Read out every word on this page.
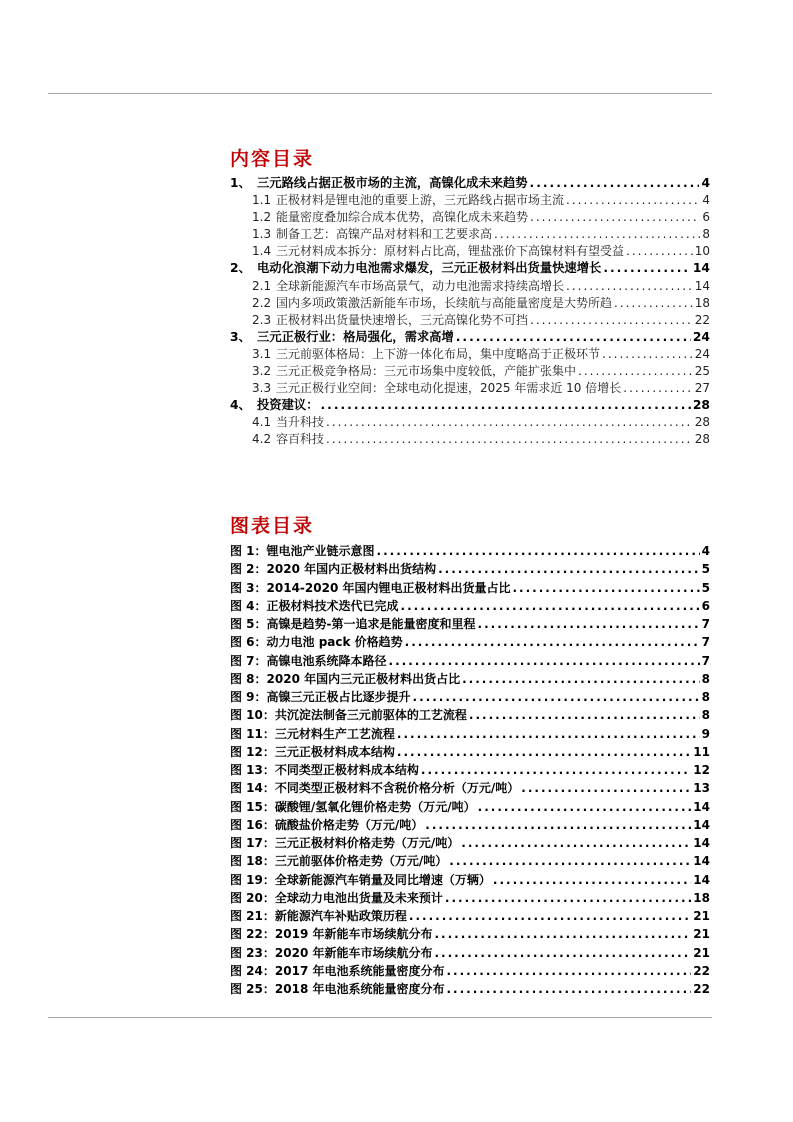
内容目录
1、 三元路线占据正极市场的主流，高镍化成未来趋势 .....	4
1.1 正极材料是锂电池的重要上游，三元路线占据市场主流 .....	4
1.2 能量密度叠加综合成本优势，高镍化成未来趋势 .....	6
1.3 制备工艺：高镍产品对材料和工艺要求高 .....	8
1.4 三元材料成本拆分：原材料占比高，锂盐涨价下高镍材料有望受益 .....	10
2、 电动化浪潮下动力电池需求爆发，三元正极材料出货量快速增长 .....	14
2.1 全球新能源汽车市场高景气，动力电池需求持续高增长 .....	14
2.2 国内多项政策激活新能车市场，长续航与高能量密度是大势所趋 .....	18
2.3 正极材料出货量快速增长，三元高镍化势不可挡 .....	22
3、 三元正极行业：格局强化，需求高增 .....	24
3.1 三元前驱体格局：上下游一体化布局，集中度略高于正极环节 .....	24
3.2 三元正极竞争格局：三元市场集中度较低，产能扩张集中 .....	25
3.3 三元正极行业空间：全球电动化提速，2025 年需求近 10 倍增长 .....	27
4、 投资建议： .....	28
4.1 当升科技 .....	28
4.2 容百科技 .....	28
图表目录
图 1：锂电池产业链示意图 .....	4
图 2：2020 年国内正极材料出货结构 .....	5
图 3：2014-2020 年国内锂电正极材料出货量占比 .....	5
图 4：正极材料技术迭代已完成 .....	6
图 5：高镍是趋势-第一追求是能量密度和里程 .....	7
图 6：动力电池 pack 价格趋势 .....	7
图 7：高镍电池系统降本路径 .....	7
图 8：2020 年国内三元正极材料出货占比 .....	8
图 9：高镍三元正极占比逐步提升 .....	8
图 10：共沉淀法制备三元前驱体的工艺流程 .....	8
图 11：三元材料生产工艺流程 .....	9
图 12：三元正极材料成本结构 .....	11
图 13：不同类型正极材料成本结构 .....	12
图 14：不同类型正极材料不含税价格分析（万元/吨） .....	13
图 15：碳酸锂/氢氧化锂价格走势（万元/吨） .....	14
图 16：硫酸盐价格走势（万元/吨） .....	14
图 17：三元正极材料价格走势（万元/吨） .....	14
图 18：三元前驱体价格走势（万元/吨） .....	14
图 19：全球新能源汽车销量及同比增速（万辆） .....	14
图 20：全球动力电池出货量及未来预计 .....	18
图 21：新能源汽车补贴政策历程 .....	21
图 22：2019 年新能车市场续航分布 .....	21
图 23：2020 年新能车市场续航分布 .....	21
图 24：2017 年电池系统能量密度分布 .....	22
图 25：2018 年电池系统能量密度分布 .....	22
